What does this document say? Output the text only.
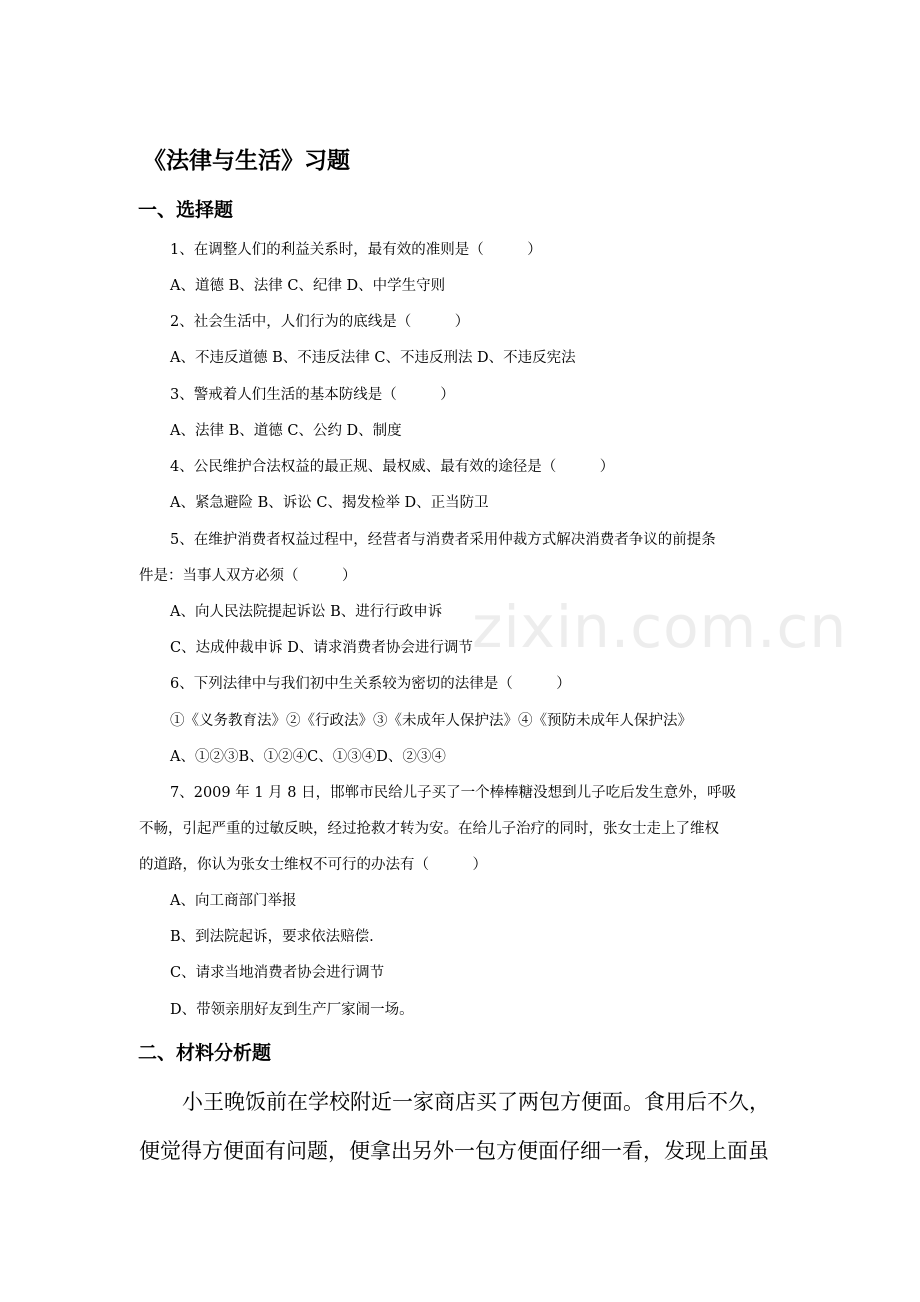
zixin.com.cn
《法律与生活》习题
一、选择题
1、在调整人们的利益关系时，最有效的准则是（　　　）
A、道德 B、法律 C、纪律 D、中学生守则
2、社会生活中，人们行为的底线是（　　　）
A、不违反道德 B、不违反法律 C、不违反刑法 D、不违反宪法
3、警戒着人们生活的基本防线是（　　　）
A、法律 B、道德 C、公约 D、制度
4、公民维护合法权益的最正规、最权威、最有效的途径是（　　　）
A、紧急避险 B、诉讼 C、揭发检举 D、正当防卫
5、在维护消费者权益过程中，经营者与消费者采用仲裁方式解决消费者争议的前提条
件是：当事人双方必须（　　　）
A、向人民法院提起诉讼 B、进行行政申诉
C、达成仲裁申诉 D、请求消费者协会进行调节
6、下列法律中与我们初中生关系较为密切的法律是（　　　）
①《义务教育法》②《行政法》③《未成年人保护法》④《预防未成年人保护法》
A、①②③B、①②④C、①③④D、②③④
7、2009 年 1 月 8 日，邯郸市民给儿子买了一个棒棒糖没想到儿子吃后发生意外，呼吸
不畅，引起严重的过敏反映，经过抢救才转为安。在给儿子治疗的同时，张女士走上了维权
的道路，你认为张女士维权不可行的办法有（　　　）
A、向工商部门举报
B、到法院起诉，要求依法赔偿.
C、请求当地消费者协会进行调节
D、带领亲朋好友到生产厂家闹一场。
二、材料分析题
小王晚饭前在学校附近一家商店买了两包方便面。食用后不久，
便觉得方便面有问题，便拿出另外一包方便面仔细一看，发现上面虽
